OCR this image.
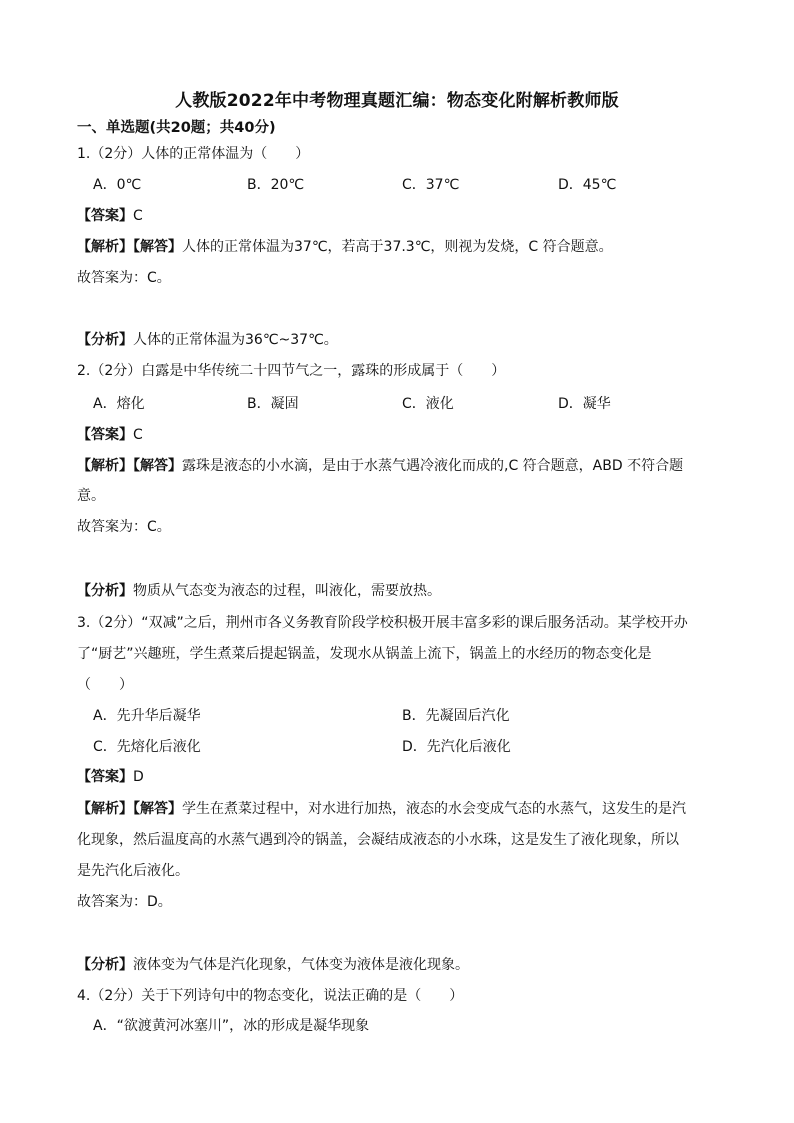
人教版2022年中考物理真题汇编：物态变化附解析教师版
一、单选题(共20题；共40分)
1.（2分）人体的正常体温为（　　）
A．0℃	B．20℃	C．37℃	D．45℃
【答案】C
【解析】【解答】人体的正常体温为37℃，若高于37.3℃，则视为发烧，C 符合题意。
故答案为：C。
【分析】人体的正常体温为36℃~37℃。
2.（2分）白露是中华传统二十四节气之一，露珠的形成属于（　　）
A．熔化	B．凝固	C．液化	D．凝华
【答案】C
【解析】【解答】露珠是液态的小水滴，是由于水蒸气遇冷液化而成的,C 符合题意，ABD 不符合题
意。
故答案为：C。
【分析】物质从气态变为液态的过程，叫液化，需要放热。
3.（2分）“双减”之后，荆州市各义务教育阶段学校积极开展丰富多彩的课后服务活动。某学校开办
了“厨艺”兴趣班，学生煮菜后提起锅盖，发现水从锅盖上流下，锅盖上的水经历的物态变化是
（　　）
A．先升华后凝华	B．先凝固后汽化
C．先熔化后液化	D．先汽化后液化
【答案】D
【解析】【解答】学生在煮菜过程中，对水进行加热，液态的水会变成气态的水蒸气，这发生的是汽
化现象，然后温度高的水蒸气遇到冷的锅盖，会凝结成液态的小水珠，这是发生了液化现象，所以
是先汽化后液化。
故答案为：D。
【分析】液体变为气体是汽化现象，气体变为液体是液化现象。
4.（2分）关于下列诗句中的物态变化，说法正确的是（　　）
A．“欲渡黄河冰塞川”，冰的形成是凝华现象
